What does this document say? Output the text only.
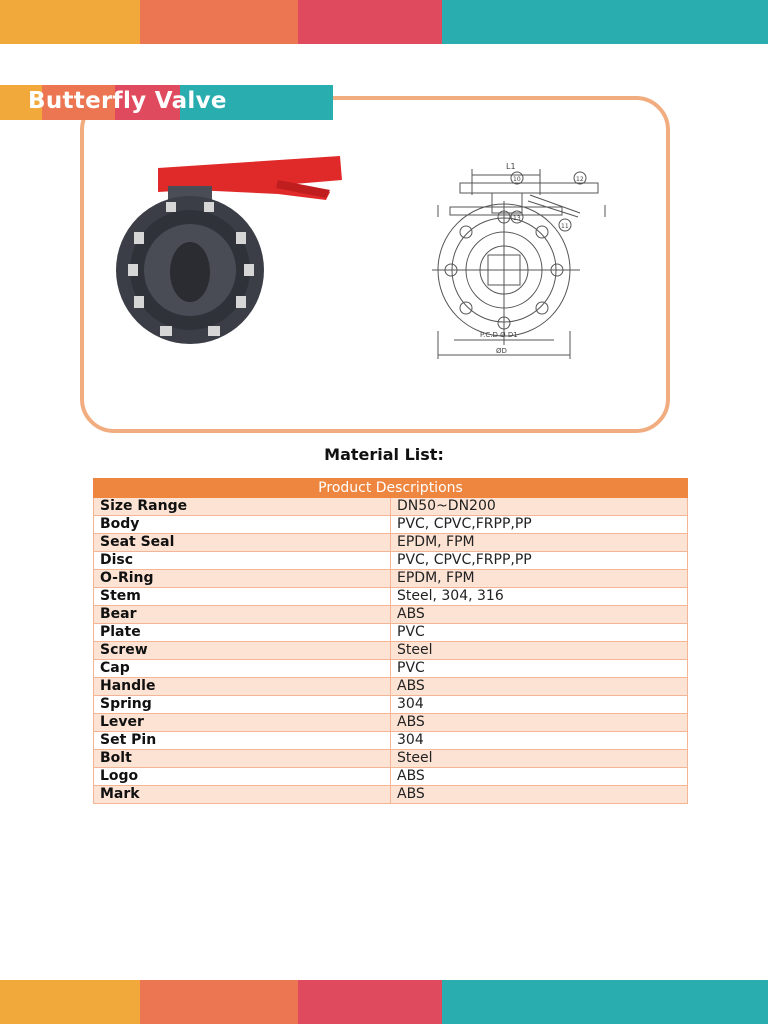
Butterfly Valve
L1
10	12
13
11
P.C.D Ø D1
ØD
Material List:
Product Descriptions	
Size Range	DN50~DN200
Body	PVC, CPVC,FRPP,PP
Seat Seal	EPDM, FPM
Disc	PVC, CPVC,FRPP,PP
O-Ring	EPDM, FPM
Stem	Steel, 304, 316
Bear	ABS
Plate	PVC
Screw	Steel
Cap	PVC
Handle	ABS
Spring	304
Lever	ABS
Set Pin	304
Bolt	Steel
Logo	ABS
Mark	ABS
